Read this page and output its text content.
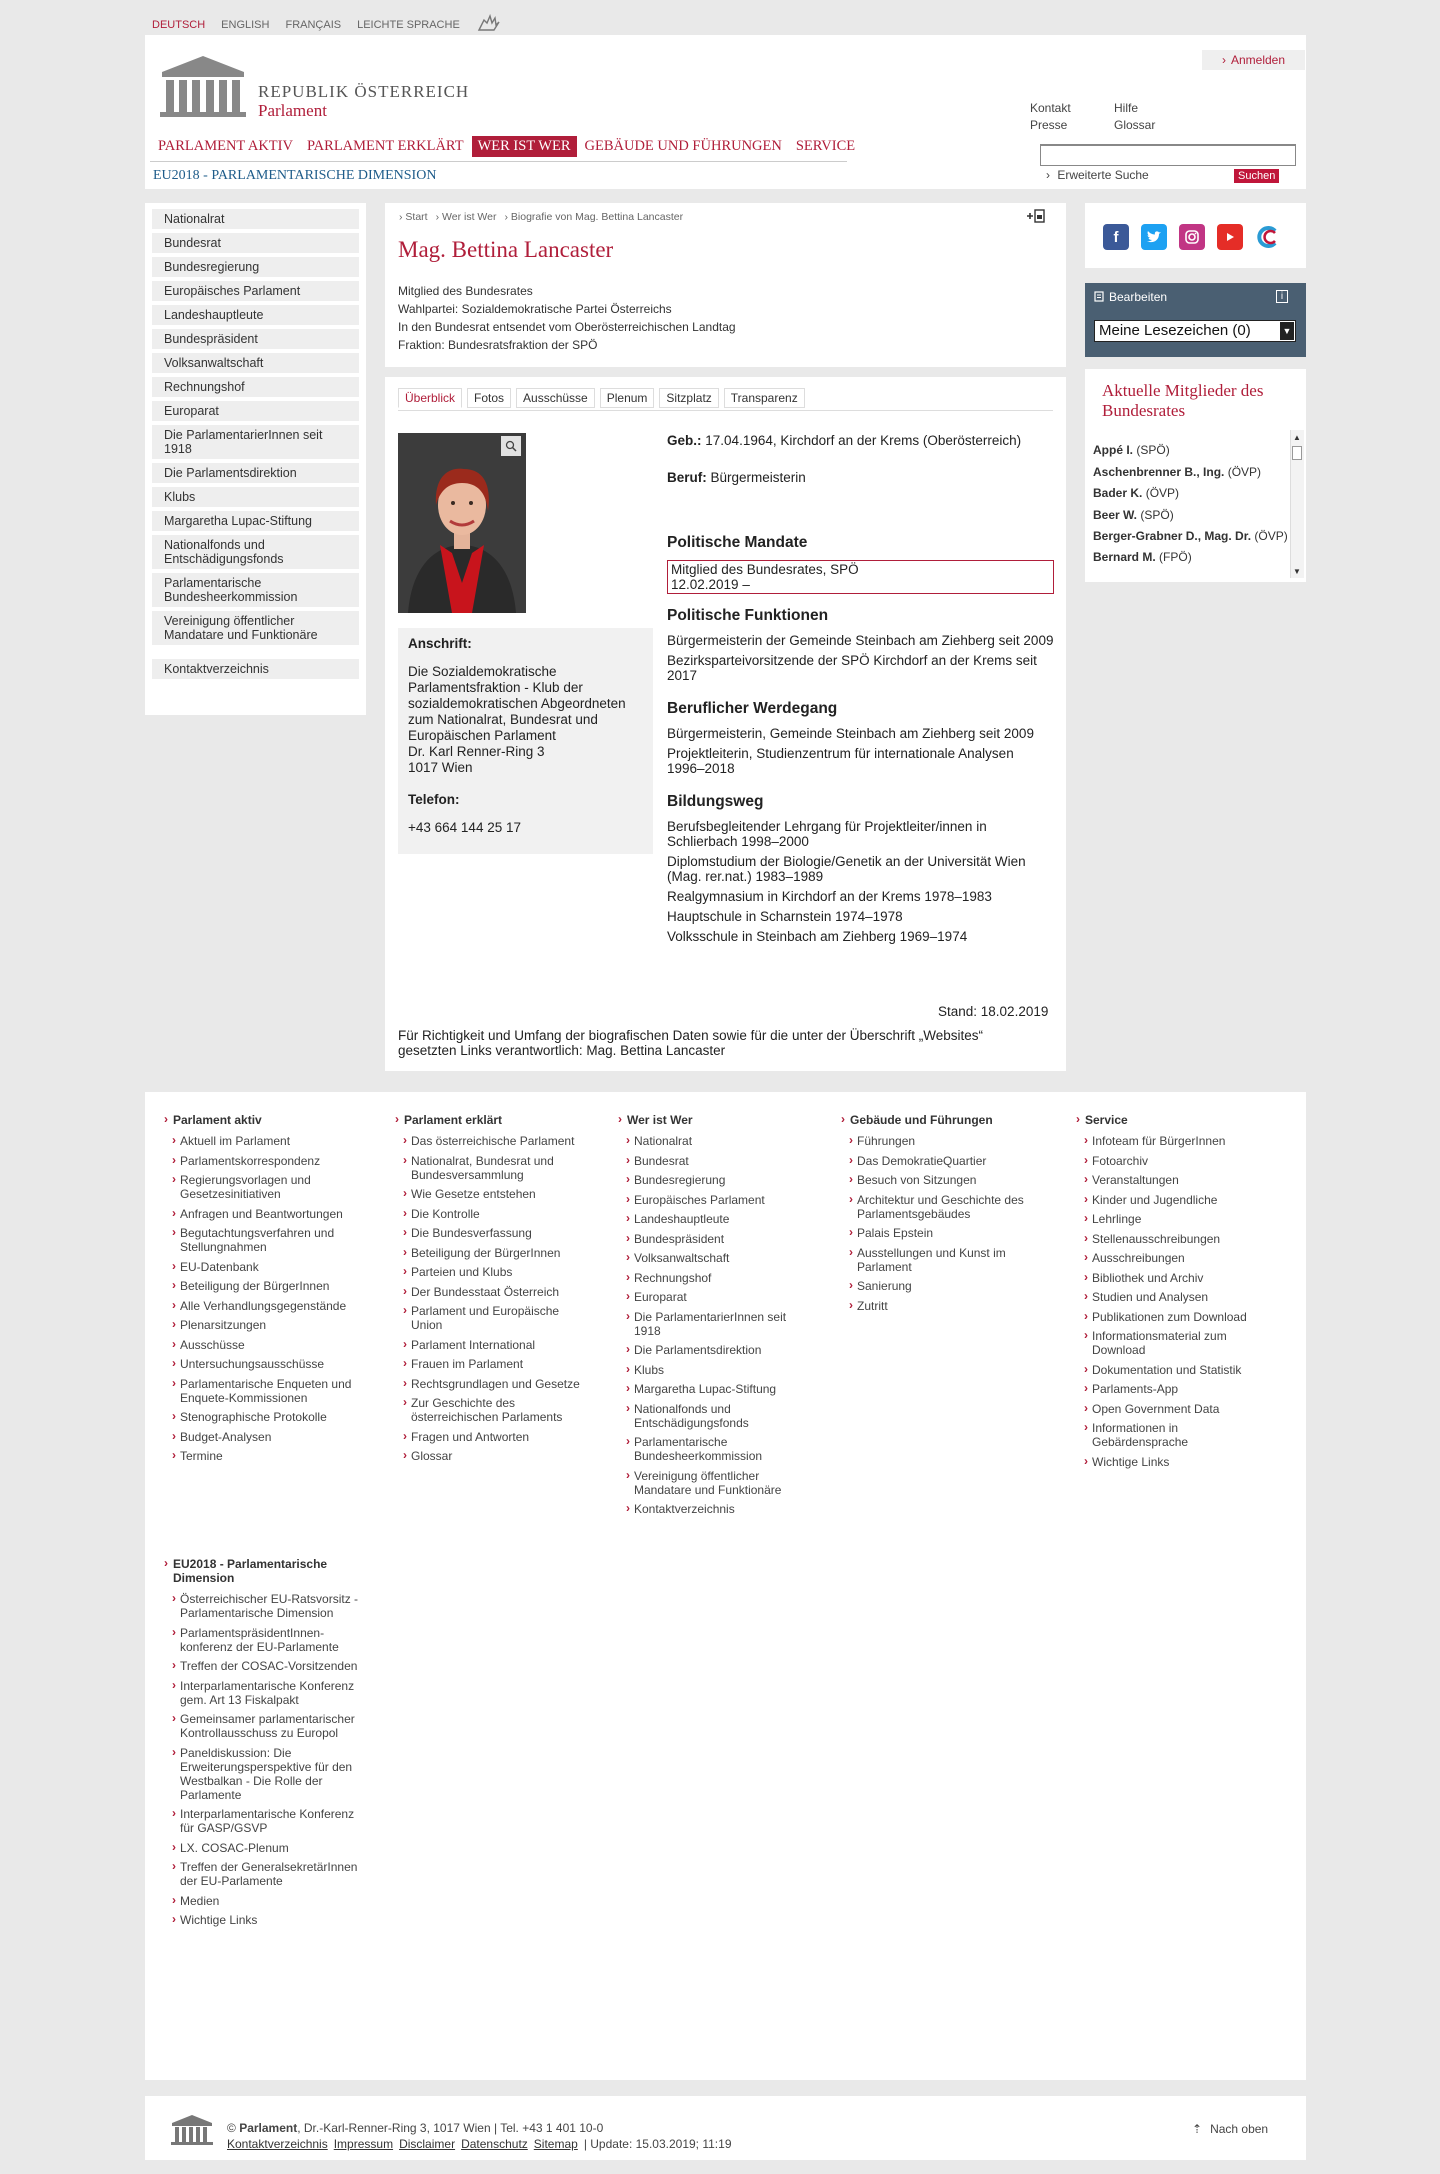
DEUTSCH ENGLISH FRANÇAIS LEICHTE SPRACHE
REPUBLIK ÖSTERREICH
Parlament
› Anmelden
Kontakt	Hilfe
Presse	Glossar
› Erweiterte Suche	Suchen
PARLAMENT AKTIV PARLAMENT ERKLÄRT WER IST WER GEBÄUDE UND FÜHRUNGEN SERVICE
EU2018 - PARLAMENTARISCHE DIMENSION
Nationalrat
Bundesrat
Bundesregierung
Europäisches Parlament
Landeshauptleute
Bundespräsident
Volksanwaltschaft
Rechnungshof
Europarat
Die ParlamentarierInnen seit 1918
Die Parlamentsdirektion
Klubs
Margaretha Lupac-Stiftung
Nationalfonds und Entschädigungsfonds
Parlamentarische Bundesheerkommission
Vereinigung öffentlicher Mandatare und Funktionäre
Kontaktverzeichnis
› Start › Wer ist Wer › Biografie von Mag. Bettina Lancaster
Mag. Bettina Lancaster
Mitglied des Bundesrates
Wahlpartei: Sozialdemokratische Partei Österreichs
In den Bundesrat entsendet vom Oberösterreichischen Landtag
Fraktion: Bundesratsfraktion der SPÖ
Überblick	Fotos	Ausschüsse	Plenum	Sitzplatz	Transparenz
Anschrift:
Die Sozialdemokratische Parlamentsfraktion - Klub der sozialdemokratischen Abgeordneten zum Nationalrat, Bundesrat und Europäischen Parlament
Dr. Karl Renner-Ring 3
1017 Wien
Telefon:
+43 664 144 25 17
Geb.: 17.04.1964, Kirchdorf an der Krems (Oberösterreich)
Beruf: Bürgermeisterin
Politische Mandate
Mitglied des Bundesrates, SPÖ
12.02.2019 –
Politische Funktionen
Bürgermeisterin der Gemeinde Steinbach am Ziehberg seit 2009
Bezirksparteivorsitzende der SPÖ Kirchdorf an der Krems seit 2017
Beruflicher Werdegang
Bürgermeisterin, Gemeinde Steinbach am Ziehberg seit 2009
Projektleiterin, Studienzentrum für internationale Analysen 1996–2018
Bildungsweg
Berufsbegleitender Lehrgang für Projektleiter/innen in Schlierbach 1998–2000
Diplomstudium der Biologie/Genetik an der Universität Wien (Mag. rer.nat.) 1983–1989
Realgymnasium in Kirchdorf an der Krems 1978–1983
Hauptschule in Scharnstein 1974–1978
Volksschule in Steinbach am Ziehberg 1969–1974
Stand: 18.02.2019
Für Richtigkeit und Umfang der biografischen Daten sowie für die unter der Überschrift „Websites“ gesetzten Links verantwortlich: Mag. Bettina Lancaster
f
Bearbeiten	i
Meine Lesezeichen (0)	▼
Aktuelle Mitglieder des Bundesrates
Appé I. (SPÖ)
Aschenbrenner B., Ing. (ÖVP)
Bader K. (ÖVP)
Beer W. (SPÖ)
Berger-Grabner D., Mag. Dr. (ÖVP)
Bernard M. (FPÖ)
▲
▼
› Parlament aktiv
› Aktuell im Parlament
› Parlamentskorrespondenz
› Regierungsvorlagen und Gesetzesinitiativen
› Anfragen und Beantwortungen
› Begutachtungsverfahren und Stellungnahmen
› EU-Datenbank
› Beteiligung der BürgerInnen
› Alle Verhandlungsgegenstände
› Plenarsitzungen
› Ausschüsse
› Untersuchungsausschüsse
› Parlamentarische Enqueten und Enquete-Kommissionen
› Stenographische Protokolle
› Budget-Analysen
› Termine
› Parlament erklärt
› Das österreichische Parlament
› Nationalrat, Bundesrat und Bundesversammlung
› Wie Gesetze entstehen
› Die Kontrolle
› Die Bundesverfassung
› Beteiligung der BürgerInnen
› Parteien und Klubs
› Der Bundesstaat Österreich
› Parlament und Europäische Union
› Parlament International
› Frauen im Parlament
› Rechtsgrundlagen und Gesetze
› Zur Geschichte des österreichischen Parlaments
› Fragen und Antworten
› Glossar
› Wer ist Wer
› Nationalrat
› Bundesrat
› Bundesregierung
› Europäisches Parlament
› Landeshauptleute
› Bundespräsident
› Volksanwaltschaft
› Rechnungshof
› Europarat
› Die ParlamentarierInnen seit 1918
› Die Parlamentsdirektion
› Klubs
› Margaretha Lupac-Stiftung
› Nationalfonds und Entschädigungsfonds
› Parlamentarische Bundesheerkommission
› Vereinigung öffentlicher Mandatare und Funktionäre
› Kontaktverzeichnis
› Gebäude und Führungen
› Führungen
› Das DemokratieQuartier
› Besuch von Sitzungen
› Architektur und Geschichte des Parlamentsgebäudes
› Palais Epstein
› Ausstellungen und Kunst im Parlament
› Sanierung
› Zutritt
› Service
› Infoteam für BürgerInnen
› Fotoarchiv
› Veranstaltungen
› Kinder und Jugendliche
› Lehrlinge
› Stellenausschreibungen
› Ausschreibungen
› Bibliothek und Archiv
› Studien und Analysen
› Publikationen zum Download
› Informationsmaterial zum Download
› Dokumentation und Statistik
› Parlaments-App
› Open Government Data
› Informationen in Gebärdensprache
› Wichtige Links
› EU2018 - Parlamentarische Dimension
› Österreichischer EU-Ratsvorsitz - Parlamentarische Dimension
› ParlamentspräsidentInnen-konferenz der EU-Parlamente
› Treffen der COSAC-Vorsitzenden
› Interparlamentarische Konferenz gem. Art 13 Fiskalpakt
› Gemeinsamer parlamentarischer Kontrollausschuss zu Europol
› Paneldiskussion: Die Erweiterungsperspektive für den Westbalkan - Die Rolle der Parlamente
› Interparlamentarische Konferenz für GASP/GSVP
› LX. COSAC-Plenum
› Treffen der GeneralsekretärInnen der EU-Parlamente
› Medien
› Wichtige Links
© Parlament, Dr.-Karl-Renner-Ring 3, 1017 Wien | Tel. +43 1 401 10-0
Kontaktverzeichnis Impressum Disclaimer Datenschutz Sitemap | Update: 15.03.2019; 11:19
⇡ Nach oben
